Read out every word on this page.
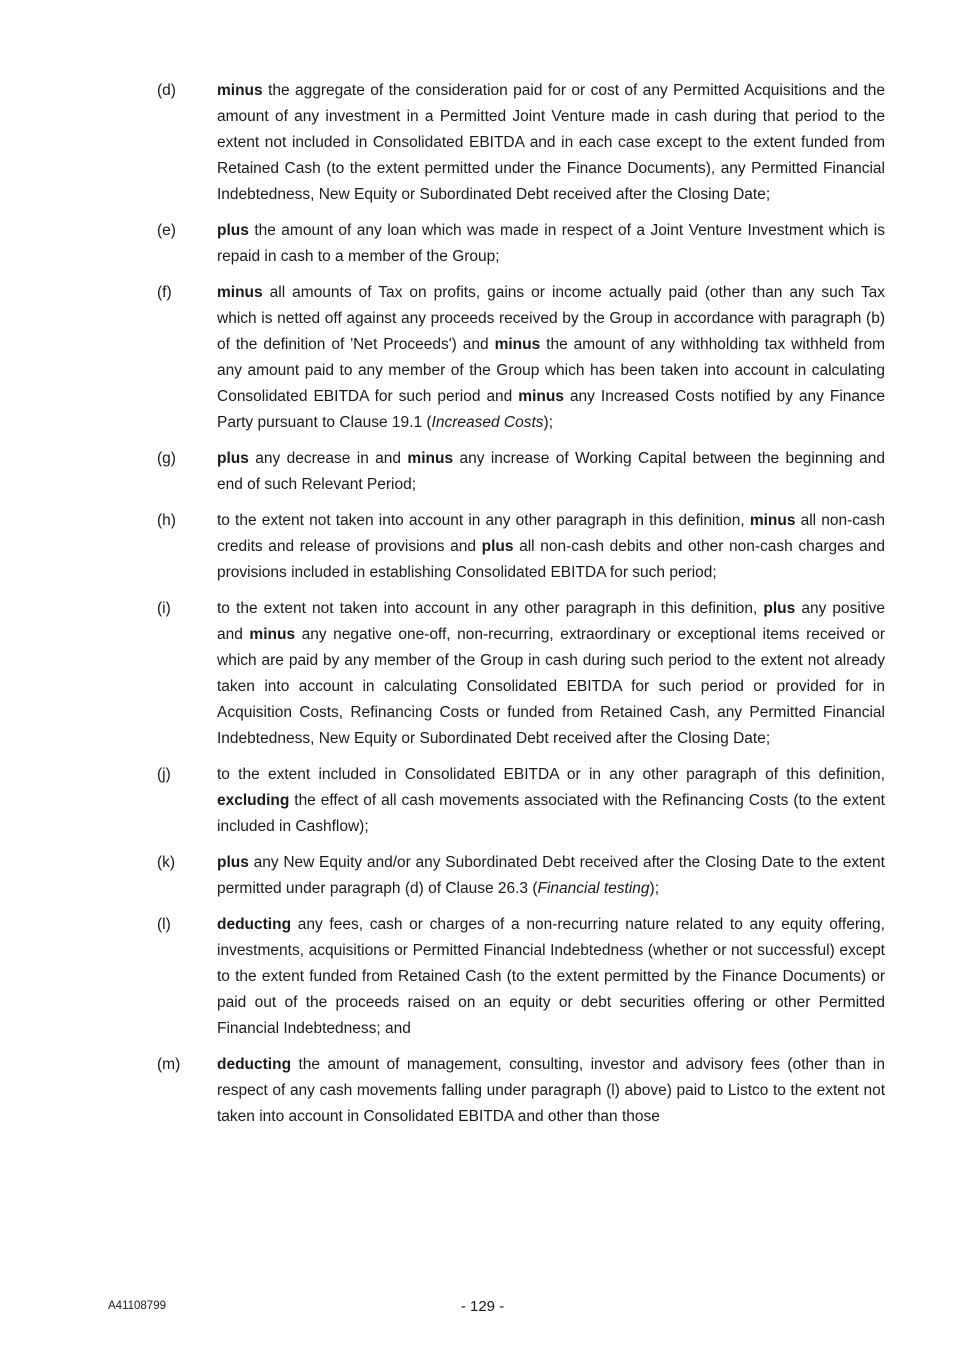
(d)	minus the aggregate of the consideration paid for or cost of any Permitted Acquisitions and the amount of any investment in a Permitted Joint Venture made in cash during that period to the extent not included in Consolidated EBITDA and in each case except to the extent funded from Retained Cash (to the extent permitted under the Finance Documents), any Permitted Financial Indebtedness, New Equity or Subordinated Debt received after the Closing Date;
(e)	plus the amount of any loan which was made in respect of a Joint Venture Investment which is repaid in cash to a member of the Group;
(f)	minus all amounts of Tax on profits, gains or income actually paid (other than any such Tax which is netted off against any proceeds received by the Group in accordance with paragraph (b) of the definition of 'Net Proceeds') and minus the amount of any withholding tax withheld from any amount paid to any member of the Group which has been taken into account in calculating Consolidated EBITDA for such period and minus any Increased Costs notified by any Finance Party pursuant to Clause 19.1 (Increased Costs);
(g)	plus any decrease in and minus any increase of Working Capital between the beginning and end of such Relevant Period;
(h)	to the extent not taken into account in any other paragraph in this definition, minus all non-cash credits and release of provisions and plus all non-cash debits and other non-cash charges and provisions included in establishing Consolidated EBITDA for such period;
(i)	to the extent not taken into account in any other paragraph in this definition, plus any positive and minus any negative one-off, non-recurring, extraordinary or exceptional items received or which are paid by any member of the Group in cash during such period to the extent not already taken into account in calculating Consolidated EBITDA for such period or provided for in Acquisition Costs, Refinancing Costs or funded from Retained Cash, any Permitted Financial Indebtedness, New Equity or Subordinated Debt received after the Closing Date;
(j)	to the extent included in Consolidated EBITDA or in any other paragraph of this definition, excluding the effect of all cash movements associated with the Refinancing Costs (to the extent included in Cashflow);
(k)	plus any New Equity and/or any Subordinated Debt received after the Closing Date to the extent permitted under paragraph (d) of Clause 26.3 (Financial testing);
(l)	deducting any fees, cash or charges of a non-recurring nature related to any equity offering, investments, acquisitions or Permitted Financial Indebtedness (whether or not successful) except to the extent funded from Retained Cash (to the extent permitted by the Finance Documents) or paid out of the proceeds raised on an equity or debt securities offering or other Permitted Financial Indebtedness; and
(m)	deducting the amount of management, consulting, investor and advisory fees (other than in respect of any cash movements falling under paragraph (l) above) paid to Listco to the extent not taken into account in Consolidated EBITDA and other than those
A41108799	- 129 -
